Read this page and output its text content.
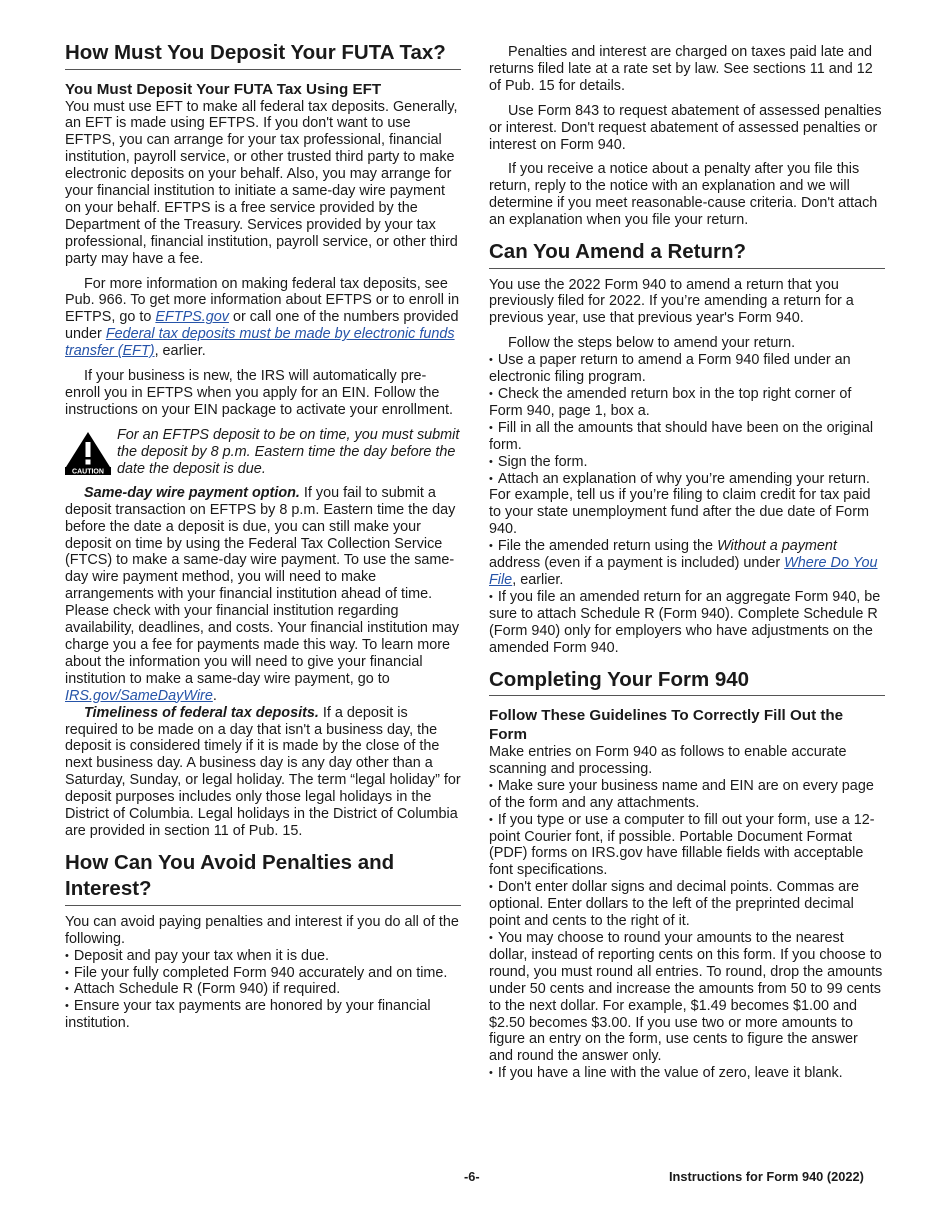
How Must You Deposit Your FUTA Tax?
You Must Deposit Your FUTA Tax Using EFT

You must use EFT to make all federal tax deposits. Generally, an EFT is made using EFTPS. If you don't want to use EFTPS, you can arrange for your tax professional, financial institution, payroll service, or other trusted third party to make electronic deposits on your behalf. Also, you may arrange for your financial institution to initiate a same-day wire payment on your behalf. EFTPS is a free service provided by the Department of the Treasury. Services provided by your tax professional, financial institution, payroll service, or other third party may have a fee.

For more information on making federal tax deposits, see Pub. 966. To get more information about EFTPS or to enroll in EFTPS, go to EFTPS.gov or call one of the numbers provided under Federal tax deposits must be made by electronic funds transfer (EFT), earlier.

If your business is new, the IRS will automatically pre-enroll you in EFTPS when you apply for an EIN. Follow the instructions on your EIN package to activate your enrollment.

CAUTION

For an EFTPS deposit to be on time, you must submit the deposit by 8 p.m. Eastern time the day before the date the deposit is due.

Same-day wire payment option. If you fail to submit a deposit transaction on EFTPS by 8 p.m. Eastern time the day before the date a deposit is due, you can still make your deposit on time by using the Federal Tax Collection Service (FTCS) to make a same-day wire payment. To use the same-day wire payment method, you will need to make arrangements with your financial institution ahead of time. Please check with your financial institution regarding availability, deadlines, and costs. Your financial institution may charge you a fee for payments made this way. To learn more about the information you will need to give your financial institution to make a same-day wire payment, go to IRS.gov/SameDayWire.

Timeliness of federal tax deposits. If a deposit is required to be made on a day that isn't a business day, the deposit is considered timely if it is made by the close of the next business day. A business day is any day other than a Saturday, Sunday, or legal holiday. The term “legal holiday” for deposit purposes includes only those legal holidays in the District of Columbia. Legal holidays in the District of Columbia are provided in section 11 of Pub. 15.

How Can You Avoid Penalties and Interest?

You can avoid paying penalties and interest if you do all of the following.

• Deposit and pay your tax when it is due.
• File your fully completed Form 940 accurately and on time.
• Attach Schedule R (Form 940) if required.
• Ensure your tax payments are honored by your financial institution.

Penalties and interest are charged on taxes paid late and returns filed late at a rate set by law. See sections 11 and 12 of Pub. 15 for details.

Use Form 843 to request abatement of assessed penalties or interest. Don't request abatement of assessed penalties or interest on Form 940.

If you receive a notice about a penalty after you file this return, reply to the notice with an explanation and we will determine if you meet reasonable-cause criteria. Don't attach an explanation when you file your return.

Can You Amend a Return?

You use the 2022 Form 940 to amend a return that you previously filed for 2022. If you’re amending a return for a previous year, use that previous year's Form 940.

Follow the steps below to amend your return.

• Use a paper return to amend a Form 940 filed under an electronic filing program.
• Check the amended return box in the top right corner of Form 940, page 1, box a.
• Fill in all the amounts that should have been on the original form.
• Sign the form.
• Attach an explanation of why you’re amending your return. For example, tell us if you’re filing to claim credit for tax paid to your state unemployment fund after the due date of Form 940.
• File the amended return using the Without a payment address (even if a payment is included) under Where Do You File, earlier.
• If you file an amended return for an aggregate Form 940, be sure to attach Schedule R (Form 940). Complete Schedule R (Form 940) only for employers who have adjustments on the amended Form 940.
Completing Your Form 940
Follow These Guidelines To Correctly Fill Out the Form

Make entries on Form 940 as follows to enable accurate scanning and processing.

• Make sure your business name and EIN are on every page of the form and any attachments.
• If you type or use a computer to fill out your form, use a 12-point Courier font, if possible. Portable Document Format (PDF) forms on IRS.gov have fillable fields with acceptable font specifications.
• Don't enter dollar signs and decimal points. Commas are optional. Enter dollars to the left of the preprinted decimal point and cents to the right of it.
• You may choose to round your amounts to the nearest dollar, instead of reporting cents on this form. If you choose to round, you must round all entries. To round, drop the amounts under 50 cents and increase the amounts from 50 to 99 cents to the next dollar. For example, $1.49 becomes $1.00 and $2.50 becomes $3.00. If you use two or more amounts to figure an entry on the form, use cents to figure the answer and round the answer only.
• If you have a line with the value of zero, leave it blank.
-6-	Instructions for Form 940 (2022)
